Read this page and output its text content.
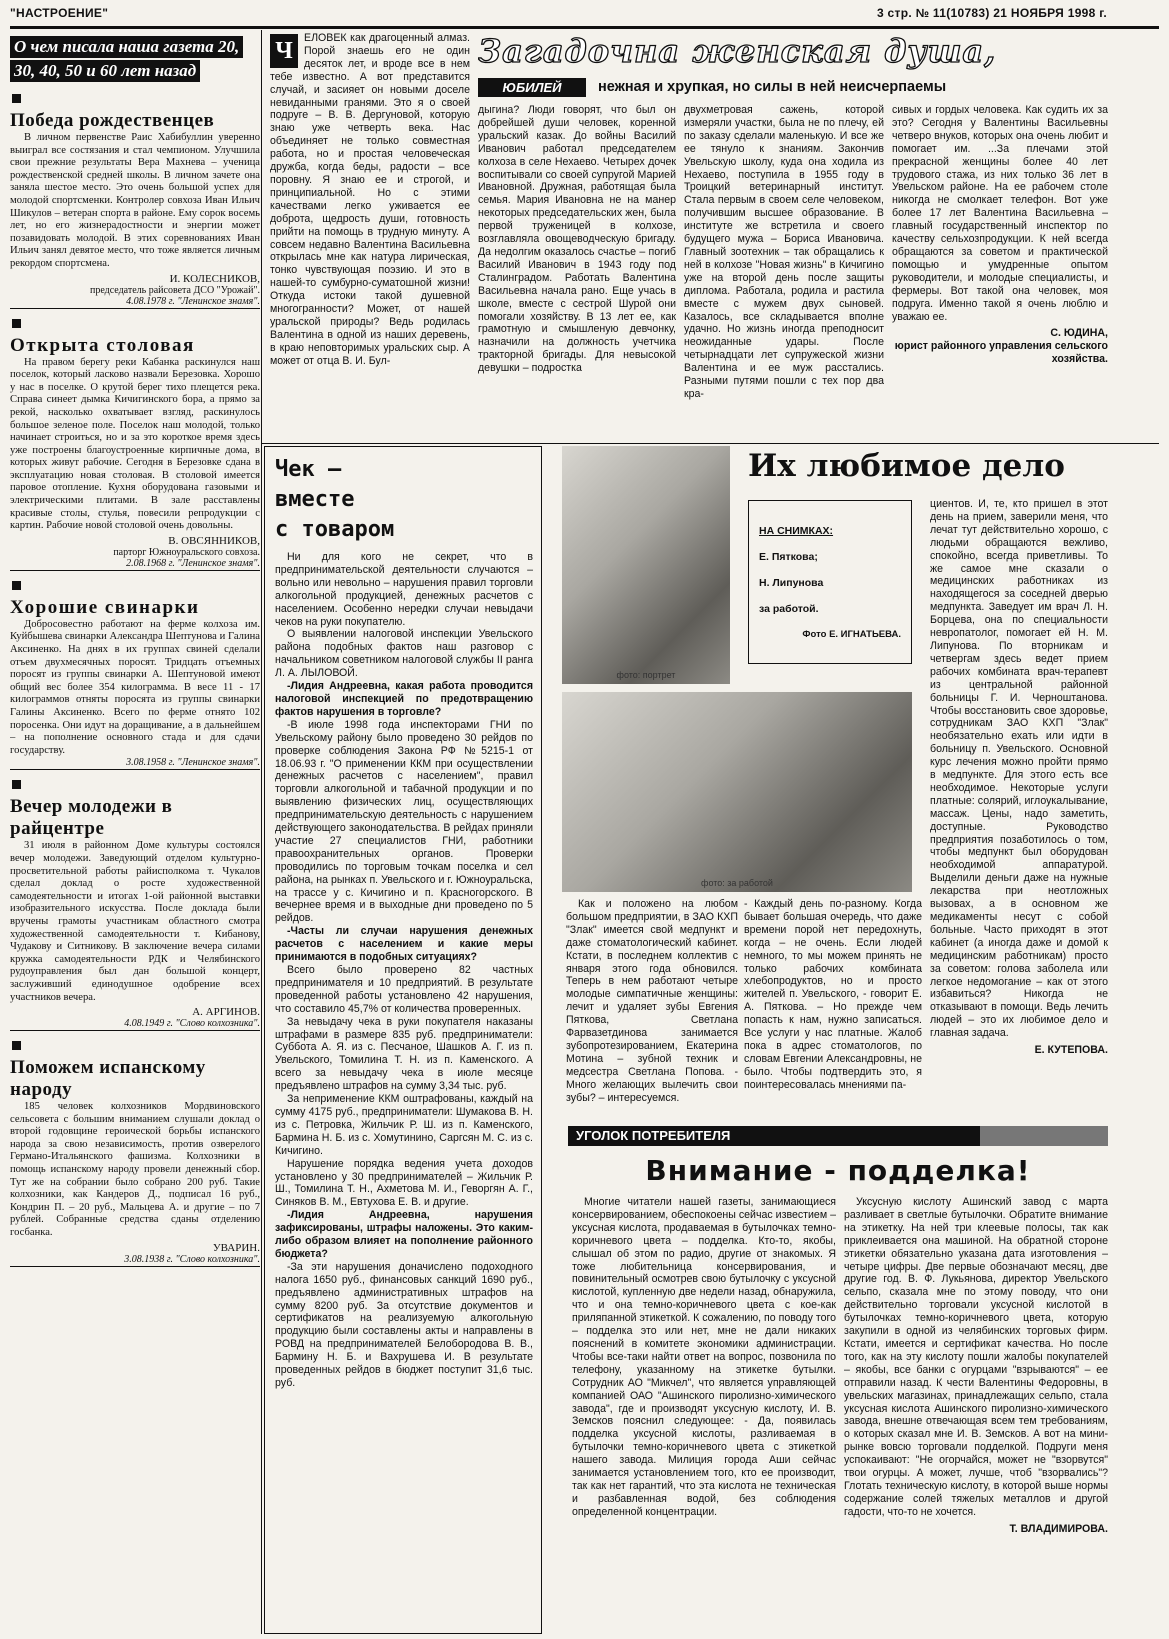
"НАСТРОЕНИЕ"	3 стр. № 11(10783) 21 НОЯБРЯ 1998 г.
О чем писала наша газета 20,
30, 40, 50 и 60 лет назад
Победа рождественцев

В личном первенстве Раис Хабибуллин уверенно выиграл все состязания и стал чемпионом. Улучшила свои прежние результаты Вера Махнева – ученица рождественской средней школы. В личном зачете она заняла шестое место. Это очень большой успех для молодой спортсменки. Контролер совхоза Иван Ильич Шикулов – ветеран спорта в районе. Ему сорок восемь лет, но его жизнерадостности и энергии может позавидовать молодой. В этих соревнованиях Иван Ильич занял девятое место, что тоже является личным рекордом спортсмена.

И. КОЛЕСНИКОВ,
председатель райсовета ДСО "Урожай".
4.08.1978 г. "Ленинское знамя".
Открыта столовая

На правом берегу реки Кабанка раскинулся наш поселок, который ласково назвали Березовка. Хорошо у нас в поселке. О крутой берег тихо плещется река. Справа синеет дымка Кичигинского бора, а прямо за рекой, насколько охватывает взгляд, раскинулось большое зеленое поле. Поселок наш молодой, только начинает строиться, но и за это короткое время здесь уже построены благоустроенные кирпичные дома, в которых живут рабочие. Сегодня в Березовке сдана в эксплуатацию новая столовая. В столовой имеется паровое отопление. Кухня оборудована газовыми и электрическими плитами. В зале расставлены красивые столы, стулья, повесили репродукции с картин. Рабочие новой столовой очень довольны.

В. ОВСЯННИКОВ,
парторг Южноуральского совхоза.
2.08.1968 г. "Ленинское знамя".
Хорошие свинарки

Добросовестно работают на ферме колхоза им. Куйбышева свинарки Александра Шептунова и Галина Аксиненко. На днях в их группах свиней сделали отъем двухмесячных поросят. Тридцать отъемных поросят из группы свинарки А. Шептуновой имеют общий вес более 354 килограмма. В весе 11 - 17 килограммов отняты поросята из группы свинарки Галины Аксиненко. Всего по ферме отнято 102 поросенка. Они идут на доращивание, а в дальнейшем – на пополнение основного стада и для сдачи государству.

3.08.1958 г. "Ленинское знамя".
Вечер молодежи в райцентре

31 июля в районном Доме культуры состоялся вечер молодежи. Заведующий отделом культурно-просветительной работы райисполкома т. Чукалов сделал доклад о росте художественной самодеятельности и итогах 1-ой районной выставки изобразительного искусства. После доклада были вручены грамоты участникам областного смотра художественной самодеятельности т. Кибанову, Чудакову и Ситникову. В заключение вечера силами кружка самодеятельности РДК и Челябинского рудоуправления был дан большой концерт, заслуживший единодушное одобрение всех участников вечера.

А. АРГИНОВ.
4.08.1949 г. "Слово колхозника".
Поможем испанскому народу

185 человек колхозников Мордвиновского сельсовета с большим вниманием слушали доклад о второй годовщине героической борьбы испанского народа за свою независимость, против озверелого Германо-Итальянского фашизма. Колхозники в помощь испанскому народу провели денежный сбор. Тут же на собрании было собрано 200 руб. Такие колхозники, как Кандеров Д., подписал 16 руб., Кондрин П. – 20 руб., Мальцева А. и другие – по 7 рублей. Собранные средства сданы отделению госбанка.

УВАРИН.
3.08.1938 г. "Слово колхозника".
Загадочна женская душа,
ЮБИЛЕЙ	нежная и хрупкая, но силы в ней неисчерпаемы
Ч	ЕЛОВЕК как драгоценный алмаз. Порой знаешь его не один десяток лет, и вроде все в нем тебе известно. А вот представится случай, и засияет он новыми доселе невиданными гранями. Это я о своей подруге – В. В. Дергуновой, которую знаю уже четверть века. Нас объединяет не только совместная работа, но и простая человеческая дружба, когда беды, радости – все поровну. Я знаю ее и строгой, и принципиальной. Но с этими качествами легко уживается ее доброта, щедрость души, готовность прийти на помощь в трудную минуту. А совсем недавно Валентина Васильевна открылась мне как натура лирическая, тонко чувствующая поэзию. И это в нашей-то сумбурно-суматошной жизни! Откуда истоки такой душевной многогранности? Может, от нашей уральской природы? Ведь родилась Валентина в одной из наших деревень, в краю неповторимых уральских сыр. А может от отца В. И. Бул-

дыгина? Люди говорят, что был он добрейшей души человек, коренной уральский казак. До войны Василий Иванович работал председателем колхоза в селе Нехаево. Четырех дочек воспитывали со своей супругой Марией Ивановной. Дружная, работящая была семья. Мария Ивановна не на манер некоторых председательских жен, была первой труженицей в колхозе, возглавляла овощеводческую бригаду. Да недолгим оказалось счастье – погиб Василий Иванович в 1943 году под Сталинградом. Работать Валентина Васильевна начала рано. Еще учась в школе, вместе с сестрой Шурой они помогали хозяйству. В 13 лет ее, как грамотную и смышленую девчонку, назначили на должность учетчика тракторной бригады. Для невысокой девушки – подростка

двухметровая сажень, которой измеряли участки, была не по плечу, ей по заказу сделали маленькую. И все же ее тянуло к знаниям. Закончив Увельскую школу, куда она ходила из Нехаево, поступила в 1955 году в Троицкий ветеринарный институт. Стала первым в своем селе человеком, получившим высшее образование. В институте же встретила и своего будущего мужа – Бориса Ивановича. Главный зоотехник – так обращались к ней в колхозе "Новая жизнь" в Кичигино уже на второй день после защиты диплома. Работала, родила и растила вместе с мужем двух сыновей. Казалось, все складывается вполне удачно. Но жизнь иногда преподносит неожиданные удары. После четырнадцати лет супружеской жизни Валентина и ее муж расстались. Разными путями пошли с тех пор два кра-

сивых и гордых человека. Как судить их за это? Сегодня у Валентины Васильевны четверо внуков, которых она очень любит и помогает им. ...За плечами этой прекрасной женщины более 40 лет трудового стажа, из них только 36 лет в Увельском районе. На ее рабочем столе никогда не смолкает телефон. Вот уже более 17 лет Валентина Васильевна – главный государственный инспектор по качеству сельхозпродукции. К ней всегда обращаются за советом и практической помощью и умудренные опытом руководители, и молодые специалисты, и фермеры. Вот такой она человек, моя подруга. Именно такой я очень люблю и уважаю ее.

С. ЮДИНА,
юрист районного управления сельского хозяйства.
Чек –
вместе
с товаром

Ни для кого не секрет, что в предпринимательской деятельности случаются – вольно или невольно – нарушения правил торговли алкогольной продукцией, денежных расчетов с населением. Особенно нередки случаи невыдачи чеков на руки покупателю.

О выявлении налоговой инспекции Увельского района подобных фактов наш разговор с начальником советником налоговой службы II ранга Л. А. ЛЫЛОВОЙ.

-Лидия Андреевна, какая работа проводится налоговой инспекцией по предотвращению фактов нарушения в торговле?

-В июле 1998 года инспекторами ГНИ по Увельскому району было проведено 30 рейдов по проверке соблюдения Закона РФ №5215-1 от 18.06.93 г. "О применении ККМ при осуществлении денежных расчетов с населением", правил торговли алкогольной и табачной продукции и по выявлению физических лиц, осуществляющих предпринимательскую деятельность с нарушением действующего законодательства. В рейдах приняли участие 27 специалистов ГНИ, работники правоохранительных органов. Проверки проводились по торговым точкам поселка и сел района, на рынках п. Увельского и г. Южноуральска, на трассе у с. Кичигино и п. Красногорского. В вечернее время и в выходные дни проведено по 5 рейдов.

-Часты ли случаи нарушения денежных расчетов с населением и какие меры принимаются в подобных ситуациях?

Всего было проверено 82 частных предпринимателя и 10 предприятий. В результате проведенной работы установлено 42 нарушения, что составило 45,7% от количества проверенных.

За невыдачу чека в руки покупателя наказаны штрафами в размере 835 руб. предприниматели: Суббота А. Я. из с. Песчаное, Шашков А. Г. из п. Увельского, Томилина Т. Н. из п. Каменского. А всего за невыдачу чека в июле месяце предъявлено штрафов на сумму 3,34 тыс. руб.

За неприменение ККМ оштрафованы, каждый на сумму 4175 руб., предприниматели: Шумакова В. Н. из с. Петровка, Жильчик Р. Ш. из п. Каменского, Бармина Н. Б. из с. Хомутинино, Саргсян М. С. из с. Кичигино.

Нарушение порядка ведения учета доходов установлено у 30 предпринимателей – Жильчик Р. Ш., Томилина Т. Н., Ахметова М. И., Геворгян А. Г., Синяков В. М., Евтухова Е. В. и другие.

-Лидия Андреевна, нарушения зафиксированы, штрафы наложены. Это каким-либо образом влияет на пополнение районного бюджета?

-За эти нарушения доначислено подоходного налога 1650 руб., финансовых санкций 1690 руб., предъявлено административных штрафов на сумму 8200 руб. За отсутствие документов и сертификатов на реализуемую алкогольную продукцию были составлены акты и направлены в РОВД на предпринимателей Белобородова В. В., Бармину Н. Б. и Вахрушева И. В результате проведенных рейдов в бюджет поступит 31,6 тыс. руб.

фото: портрет
Их любимое дело
НА СНИМКАХ:
Е. Пяткова;
Н. Липунова
за работой.
Фото Е. ИГНАТЬЕВА.
фото: за работой

циентов. И, те, кто пришел в этот день на прием, заверили меня, что лечат тут действительно хорошо, с людьми обращаются вежливо, спокойно, всегда приветливы. То же самое мне сказали о медицинских работниках из находящегося за соседней дверью медпункта. Заведует им врач Л. Н. Борцева, она по специальности невропатолог, помогает ей Н. М. Липунова. По вторникам и четвергам здесь ведет прием рабочих комбината врач-терапевт из центральной районной больницы Г. И. Черноштанова. Чтобы восстановить свое здоровье, сотрудникам ЗАО КХП "Злак" необязательно ехать или идти в больницу п. Увельского. Основной курс лечения можно пройти прямо в медпункте. Для этого есть все необходимое. Некоторые услуги платные: солярий, иглоукалывание, массаж. Цены, надо заметить, доступные. Руководство предприятия позаботилось о том, чтобы медпункт был оборудован необходимой аппаратурой. Выделили деньги даже на нужные лекарства при неотложных вызовах, а в основном же медикаменты несут с собой больные. Часто приходят в этот кабинет (а иногда даже и домой к медицинским работникам) просто за советом: голова заболела или легкое недомогание – как от этого избавиться? Никогда не отказывают в помощи. Ведь лечить людей – это их любимое дело и главная задача.

Е. КУТЕПОВА.

Как и положено на любом большом предприятии, в ЗАО КХП "Злак" имеется свой медпункт и даже стоматологический кабинет. Кстати, в последнем коллектив с января этого года обновился. Теперь в нем работают четыре молодые симпатичные женщины: лечит и удаляет зубы Евгения Пяткова, Светлана Фарвазетдинова занимается зубопротезированием, Екатерина Мотина – зубной техник и медсестра Светлана Попова. - Много желающих вылечить свои зубы? – интересуемся.

- Каждый день по-разному. Когда бывает большая очередь, что даже времени порой нет передохнуть, когда – не очень. Если людей немного, то мы можем принять не только рабочих комбината хлебопродуктов, но и просто жителей п. Увельского, - говорит Е. А. Пяткова. – Но прежде чем попасть к нам, нужно записаться. Все услуги у нас платные. Жалоб пока в адрес стоматологов, по словам Евгении Александровны, не было. Чтобы подтвердить это, я поинтересовалась мнениями па-

УГОЛОК ПОТРЕБИТЕЛЯ
Внимание - подделка!

Многие читатели нашей газеты, занимающиеся консервированием, обеспокоены сейчас известием – уксусная кислота, продаваемая в бутылочках темно-коричневого цвета – подделка. Кто-то, якобы, слышал об этом по радио, другие от знакомых. Я тоже любительница консервирования, и повинительный осмотрев свою бутылочку с уксусной кислотой, купленную две недели назад, обнаружила, что и она темно-коричневого цвета с кое-как приляпанной этикеткой. К сожалению, по поводу того – подделка это или нет, мне не дали никаких пояснений в комитете экономики администрации. Чтобы все-таки найти ответ на вопрос, позвонила по телефону, указанному на этикетке бутылки. Сотрудник АО "Микчел", что является управляющей компанией ОАО "Ашинского пиролизно-химического завода", где и производят уксусную кислоту, И. В. Земсков пояснил следующее: - Да, появилась подделка уксусной кислоты, разливаемая в бутылочки темно-коричневого цвета с этикеткой нашего завода. Милиция города Аши сейчас занимается установлением того, кто ее производит, так как нет гарантий, что эта кислота не техническая и разбавленная водой, без соблюдения определенной концентрации.

Уксусную кислоту Ашинский завод с марта разливает в светлые бутылочки. Обратите внимание на этикетку. На ней три клеевые полосы, так как приклеивается она машиной. На обратной стороне этикетки обязательно указана дата изготовления – четыре цифры. Две первые обозначают месяц, две другие год. В. Ф. Лукьянова, директор Увельского сельпо, сказала мне по этому поводу, что они действительно торговали уксусной кислотой в бутылочках темно-коричневого цвета, которую закупили в одной из челябинских торговых фирм. Кстати, имеется и сертификат качества. Но после того, как на эту кислоту пошли жалобы покупателей – якобы, все банки с огурцами "взрываются" – ее отправили назад. К чести Валентины Федоровны, в увельских магазинах, принадлежащих сельпо, стала уксусная кислота Ашинского пиролизно-химического завода, внешне отвечающая всем тем требованиям, о которых сказал мне И. В. Земсков. А вот на мини-рынке вовсю торговали подделкой. Подруги меня успокаивают: "Не огорчайся, может не "взорвутся" твои огурцы. А может, лучше, чтоб "взорвались"? Глотать техническую кислоту, в которой выше нормы содержание солей тяжелых металлов и другой гадости, что-то не хочется.

Т. ВЛАДИМИРОВА.
